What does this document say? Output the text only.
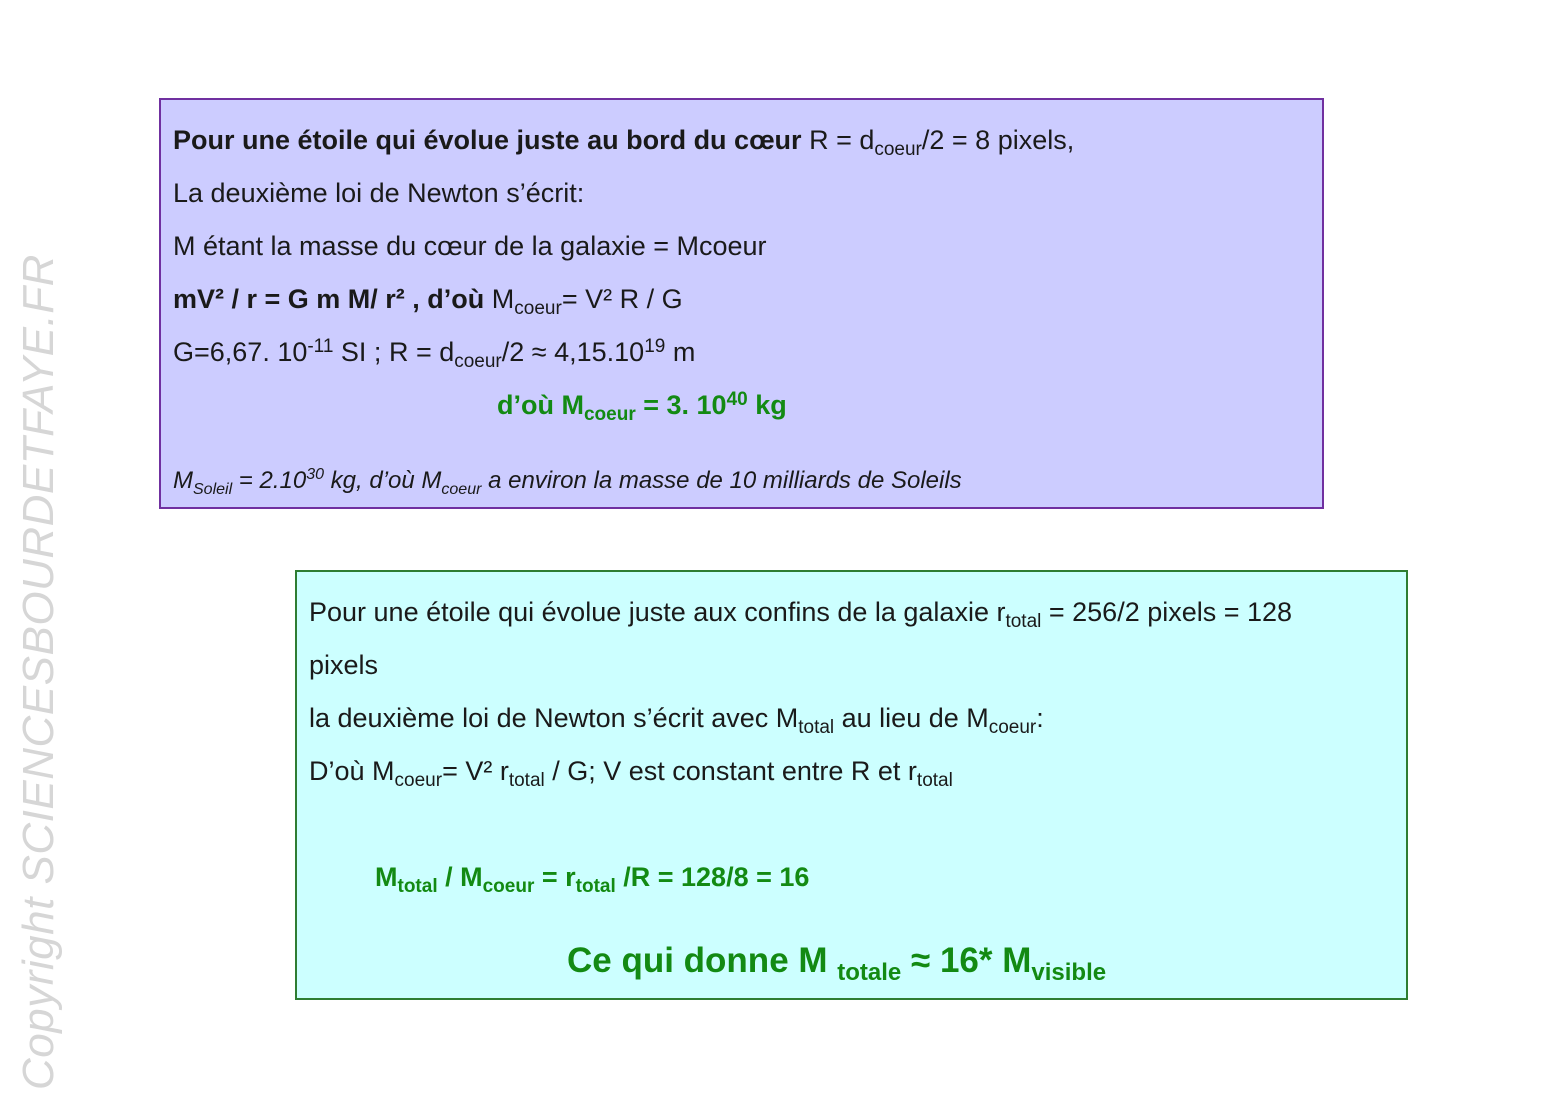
Copyright SCIENCESBOURDETFAYE.FR
Pour une étoile qui évolue juste au bord du cœur $R = d_{coeur}/2 = 8$ pixels,
La deuxième loi de Newton s’écrit:
M étant la masse du cœur de la galaxie = Mcoeur
mV² / r = G m M/ r² , d’où $M_{coeur}= V^2$ R / G
G=6,67. $10^{-11}$ SI ; $R = d_{coeur}/2 \approx 4,15.10^{19}$ m
d’où $M_{coeur} = 3$. $10^{40}$ kg
$M_{Soleil} = 2.10^{30}$ kg, d’où $M_{coeur}$ a environ la masse de 10 milliards de Soleils
Pour une étoile qui évolue juste aux confins de la galaxie $r_{total} = 256/2$ pixels = 128
pixels
la deuxième loi de Newton s’écrit avec $M_{total}$ au lieu de $M_{coeur}$:
D’où $M_{coeur}= V^2$ $r_{total}$ / G; V est constant entre R et $r_{total}$
$M_{total} / M_{coeur} = r_{total}$ /R = 128/8 = 16
Ce qui donne M $_{totale}$ ≈ 16* $M_{visible}$
